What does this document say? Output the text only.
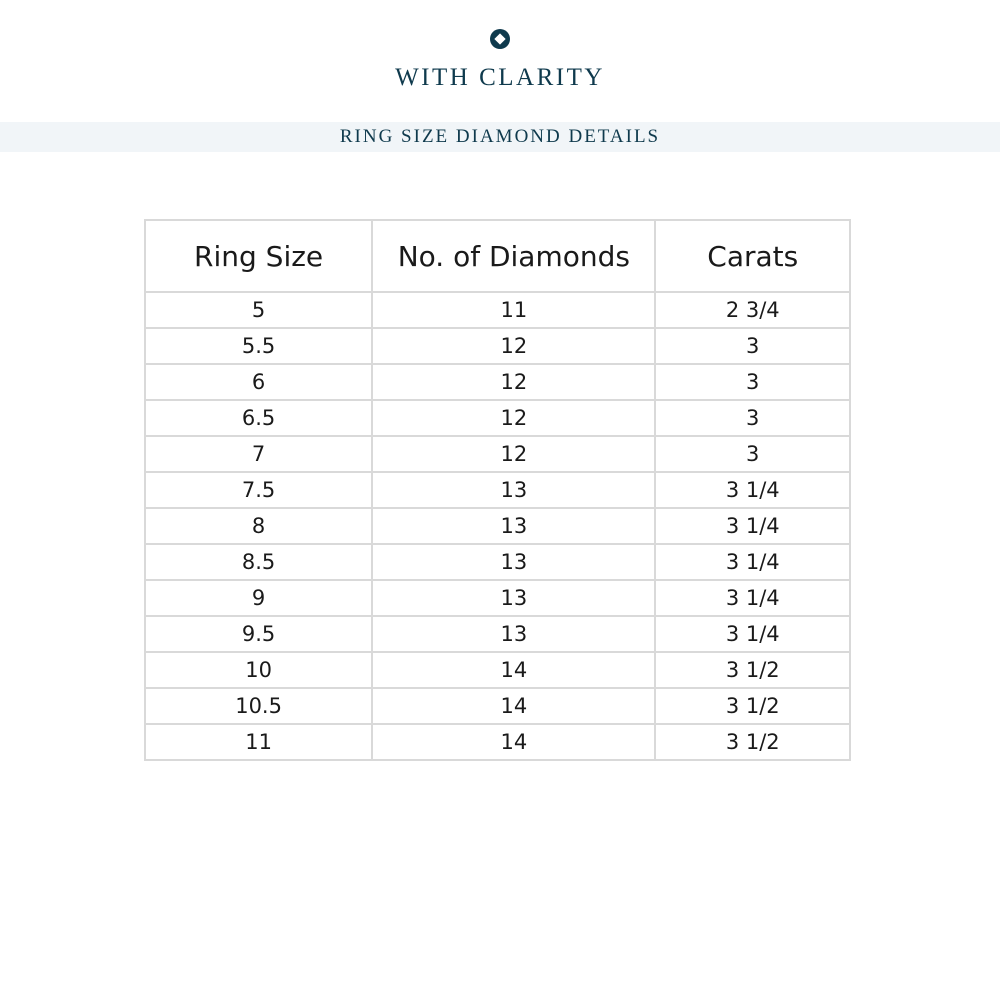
WITH CLARITY
RING SIZE DIAMOND DETAILS
Ring Size	No. of Diamonds	Carats
5	11	2 3/4
5.5	12	3
6	12	3
6.5	12	3
7	12	3
7.5	13	3 1/4
8	13	3 1/4
8.5	13	3 1/4
9	13	3 1/4
9.5	13	3 1/4
10	14	3 1/2
10.5	14	3 1/2
11	14	3 1/2
